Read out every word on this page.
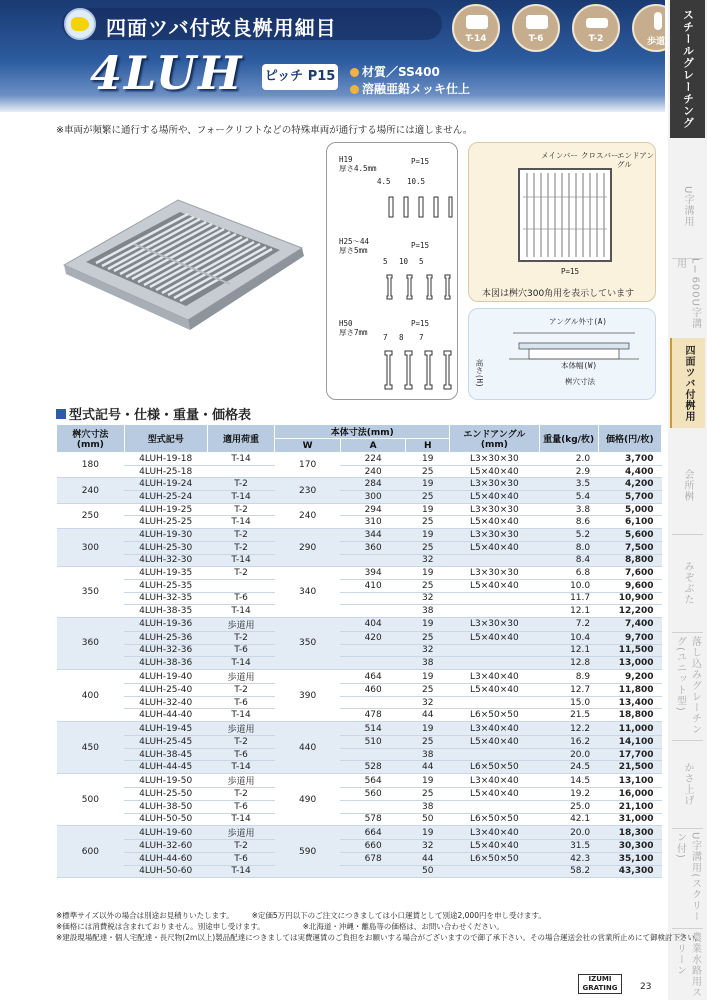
四面ツバ付改良桝用細目
4LUH ピッチ P15	材質／SS400
溶融亜鉛メッキ仕上
T-14	T-6	T-2	歩道	スチールグレーチング
U字溝用
LⅠ600U字溝用
四面ツバ付桝用
会所桝
みぞぶた
落し込みグレーチング(ユニット型)
かさ上げ
U字溝用(スクリーン付)
農業水路用スクリーン
※車両が頻繁に通行する場所や、フォークリフトなどの特殊車両が通行する場所には適しません。
H19
厚さ4.5mm
P=15
4.5 10.5
H25～44
厚さ5mm
P=15
5 10 5
H50
厚さ7mm
P=15
7 8 7
メインバー クロスバー
エンドアングル
P=15
本図は桝穴300角用を表示しています
アングル外寸(A)
高さ(H)	本体幅(W)
桝穴寸法
型式記号・仕様・重量・価格表
桝穴寸法
(mm)	型式記号	適用荷重	本体寸法(mm)			エンドアングル
(mm)	重量(kg/枚)	価格(円/枚)
			W	A	H			
180	4LUH-19-18	T-14	170	224	19	L3×30×30	2.0	3,700
	4LUH-25-18			240	25	L5×40×40	2.9	4,400
240	4LUH-19-24	T-2	230	284	19	L3×30×30	3.5	4,200
	4LUH-25-24	T-14		300	25	L5×40×40	5.4	5,700
250	4LUH-19-25	T-2	240	294	19	L3×30×30	3.8	5,000
	4LUH-25-25	T-14		310	25	L5×40×40	8.6	6,100
300	4LUH-19-30	T-2	290	344	19	L3×30×30	5.2	5,600
	4LUH-25-30	T-2		360	25	L5×40×40	8.0	7,500
	4LUH-32-30	T-14			32		8.4	8,800
350	4LUH-19-35	T-2	340	394	19	L3×30×30	6.8	7,600
	4LUH-25-35			410	25	L5×40×40	10.0	9,600
	4LUH-32-35	T-6			32		11.7	10,900
	4LUH-38-35	T-14			38		12.1	12,200
360	4LUH-19-36	歩道用	350	404	19	L3×30×30	7.2	7,400
	4LUH-25-36	T-2		420	25	L5×40×40	10.4	9,700
	4LUH-32-36	T-6			32		12.1	11,500
	4LUH-38-36	T-14			38		12.8	13,000
400	4LUH-19-40	歩道用	390	464	19	L3×40×40	8.9	9,200
	4LUH-25-40	T-2		460	25	L5×40×40	12.7	11,800
	4LUH-32-40	T-6			32		15.0	13,400
	4LUH-44-40	T-14		478	44	L6×50×50	21.5	18,800
450	4LUH-19-45	歩道用	440	514	19	L3×40×40	12.2	11,000
	4LUH-25-45	T-2		510	25	L5×40×40	16.2	14,100
	4LUH-38-45	T-6			38		20.0	17,700
	4LUH-44-45	T-14		528	44	L6×50×50	24.5	21,500
500	4LUH-19-50	歩道用	490	564	19	L3×40×40	14.5	13,100
	4LUH-25-50	T-2		560	25	L5×40×40	19.2	16,000
	4LUH-38-50	T-6			38		25.0	21,100
	4LUH-50-50	T-14		578	50	L6×50×50	42.1	31,000
600	4LUH-19-60	歩道用	590	664	19	L3×40×40	20.0	18,300
	4LUH-32-60	T-2		660	32	L5×40×40	31.5	30,300
	4LUH-44-60	T-6		678	44	L6×50×50	42.3	35,100
	4LUH-50-60	T-14			50		58.2	43,300
※標準サイズ以外の場合は別途お見積りいたします。 ※定価5万円以下のご注文につきましては小口運賃として別途2,000円を申し受けます。
※価格には消費税は含まれておりません。別途申し受けます。	※北海道・沖縄・離島等の価格は、お問い合わせください。
※建設現場配達・個人宅配達・長尺物(2m以上)製品配達につきましては実費運賃のご負担をお願いする場合がございますので御了承下さい。その場合運送会社の営業所止めにて御検討下さい。
IZUMI GRATING	23
